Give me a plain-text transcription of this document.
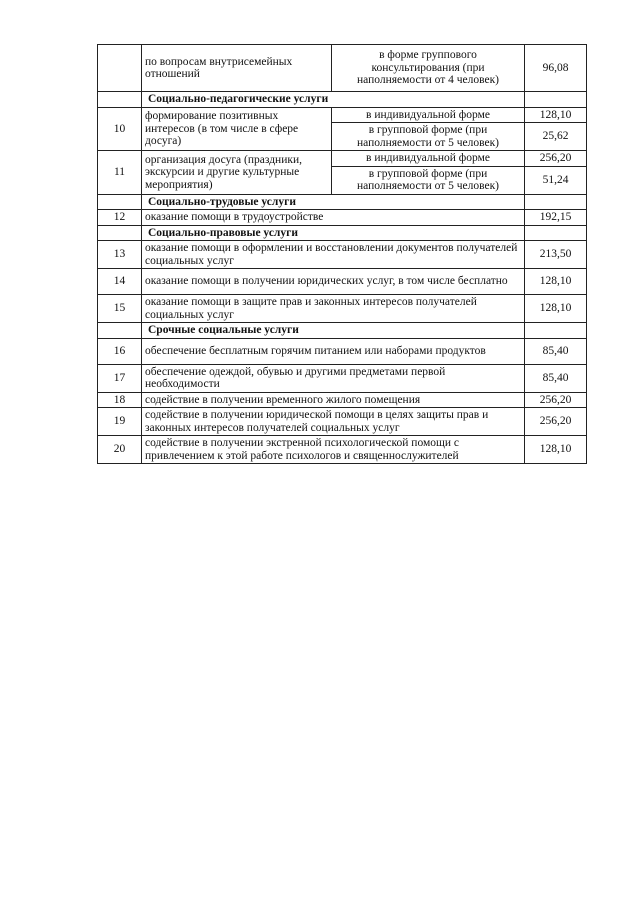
	по вопросам внутрисемейных отношений	в форме группового консультирования (при наполняемости от 4 человек)	96,08
	Социально-педагогические услуги		
10	формирование позитивных интересов (в том числе в сфере досуга)	в индивидуальной форме	128,10
		в групповой форме (при наполняемости от 5 человек)	25,62
11	организация досуга (праздники, экскурсии и другие культурные мероприятия)	в индивидуальной форме	256,20
		в групповой форме (при наполняемости от 5 человек)	51,24
	Социально-трудовые услуги		
12	оказание помощи в трудоустройстве		192,15
	Социально-правовые услуги		
13	оказание помощи в оформлении и восстановлении документов получателей социальных услуг		213,50
14	оказание помощи в получении юридических услуг, в том числе бесплатно		128,10
15	оказание помощи в защите прав и законных интересов получателей социальных услуг		128,10
	Срочные социальные услуги		
16	обеспечение бесплатным горячим питанием или наборами продуктов		85,40
17	обеспечение одеждой, обувью и другими предметами первой необходимости		85,40
18	содействие в получении временного жилого помещения		256,20
19	содействие в получении юридической помощи в целях защиты прав и законных интересов получателей социальных услуг		256,20
20	содействие в получении экстренной психологической помощи с привлечением к этой работе психологов и священнослужителей		128,10
